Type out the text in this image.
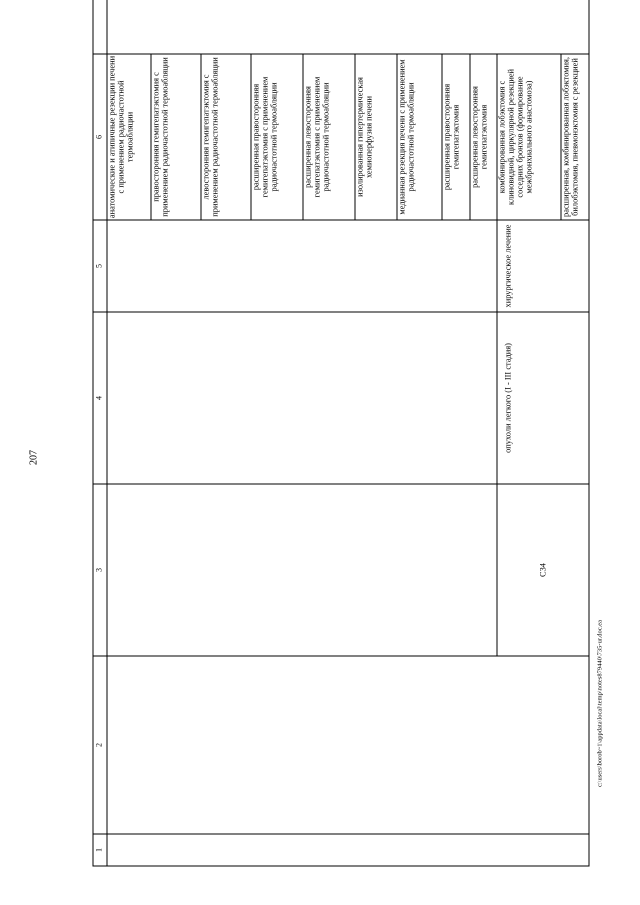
207
1	2	3	4	5	6	
					анатомические и атипичные резекции печени с применением радиочастотной термоабляции	
					правосторонняя гемигепатэктомия с применением радиочастотной термоабляции	
					левосторонняя гемигепатэктомия с применением радиочастотной термоабляции	
					расширенная правосторонняя гемигепатэктомия с применением радиочастотной термоабляции	
					расширенная левосторонняя гемигепатэктомия с применением радиочастотной термоабляции	
					изолированная гипертермическая хемиоперфузия печени	
					медианная резекция печени с применением радиочастотной термоабляции	
					расширенная правосторонняя гемигепатэктомия	
					расширенная левосторонняя гемигепатэктомия	
		C34	опухоли легкого (I - III стадия)	хирургическое лечение	комбинированная лобэктомия с клиновидной, циркулярной резекцией соседних бронхов (формирование межбронхиального анастомоза)	
					расширенная, комбинированная лобэктомия, билобэктомия, пневмонэктомия с резекцией	
c:\users\borob~1\appdata\local\temp\notes879440\735-ur.doc.ea
